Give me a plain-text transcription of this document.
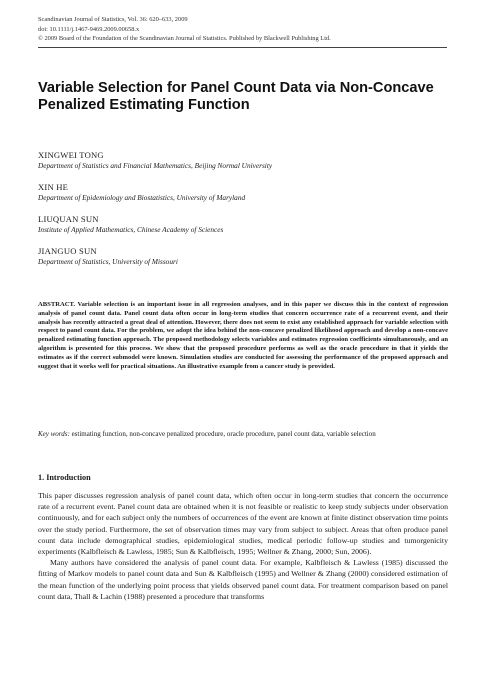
Scandinavian Journal of Statistics, Vol. 36: 620–633, 2009
doi: 10.1111/j.1467-9469.2009.00658.x
© 2009 Board of the Foundation of the Scandinavian Journal of Statistics. Published by Blackwell Publishing Ltd.
Variable Selection for Panel Count Data via Non-Concave Penalized Estimating Function
XINGWEI TONG
Department of Statistics and Financial Mathematics, Beijing Normal University
XIN HE
Department of Epidemiology and Biostatistics, University of Maryland
LIUQUAN SUN
Institute of Applied Mathematics, Chinese Academy of Sciences
JIANGUO SUN
Department of Statistics, University of Missouri
ABSTRACT. Variable selection is an important issue in all regression analyses, and in this paper we discuss this in the context of regression analysis of panel count data. Panel count data often occur in long-term studies that concern occurrence rate of a recurrent event, and their analysis has recently attracted a great deal of attention. However, there does not seem to exist any established approach for variable selection with respect to panel count data. For the problem, we adopt the idea behind the non-concave penalized likelihood approach and develop a non-concave penalized estimating function approach. The proposed methodology selects variables and estimates regression coefficients simultaneously, and an algorithm is presented for this process. We show that the proposed procedure performs as well as the oracle procedure in that it yields the estimates as if the correct submodel were known. Simulation studies are conducted for assessing the performance of the proposed approach and suggest that it works well for practical situations. An illustrative example from a cancer study is provided.
Key words: estimating function, non-concave penalized procedure, oracle procedure, panel count data, variable selection
1. Introduction

This paper discusses regression analysis of panel count data, which often occur in long-term studies that concern the occurrence rate of a recurrent event. Panel count data are obtained when it is not feasible or realistic to keep study subjects under observation continuously, and for each subject only the numbers of occurrences of the event are known at finite distinct observation time points over the study period. Furthermore, the set of observation times may vary from subject to subject. Areas that often produce panel count data include demographical studies, epidemiological studies, medical periodic follow-up studies and tumorgenicity experiments (Kalbfleisch & Lawless, 1985; Sun & Kalbfleisch, 1995; Wellner & Zhang, 2000; Sun, 2006).

Many authors have considered the analysis of panel count data. For example, Kalbfleisch & Lawless (1985) discussed the fitting of Markov models to panel count data and Sun & Kalbfleisch (1995) and Wellner & Zhang (2000) considered estimation of the mean function of the underlying point process that yields observed panel count data. For treatment comparison based on panel count data, Thall & Lachin (1988) presented a procedure that transforms
